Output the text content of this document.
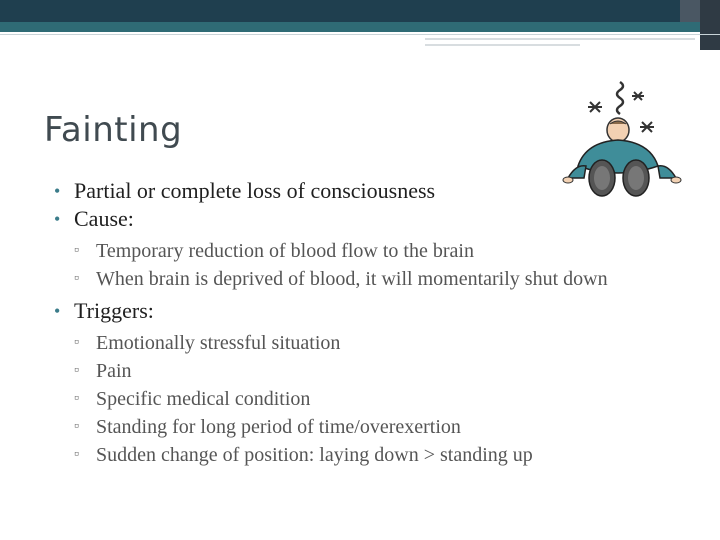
Fainting
• Partial or complete loss of consciousness
• Cause:
▫ Temporary reduction of blood flow to the brain
▫ When brain is deprived of blood, it will momentarily shut down
• Triggers:
▫ Emotionally stressful situation
▫ Pain
▫ Specific medical condition
▫ Standing for long period of time/overexertion
▫ Sudden change of position: laying down > standing up
